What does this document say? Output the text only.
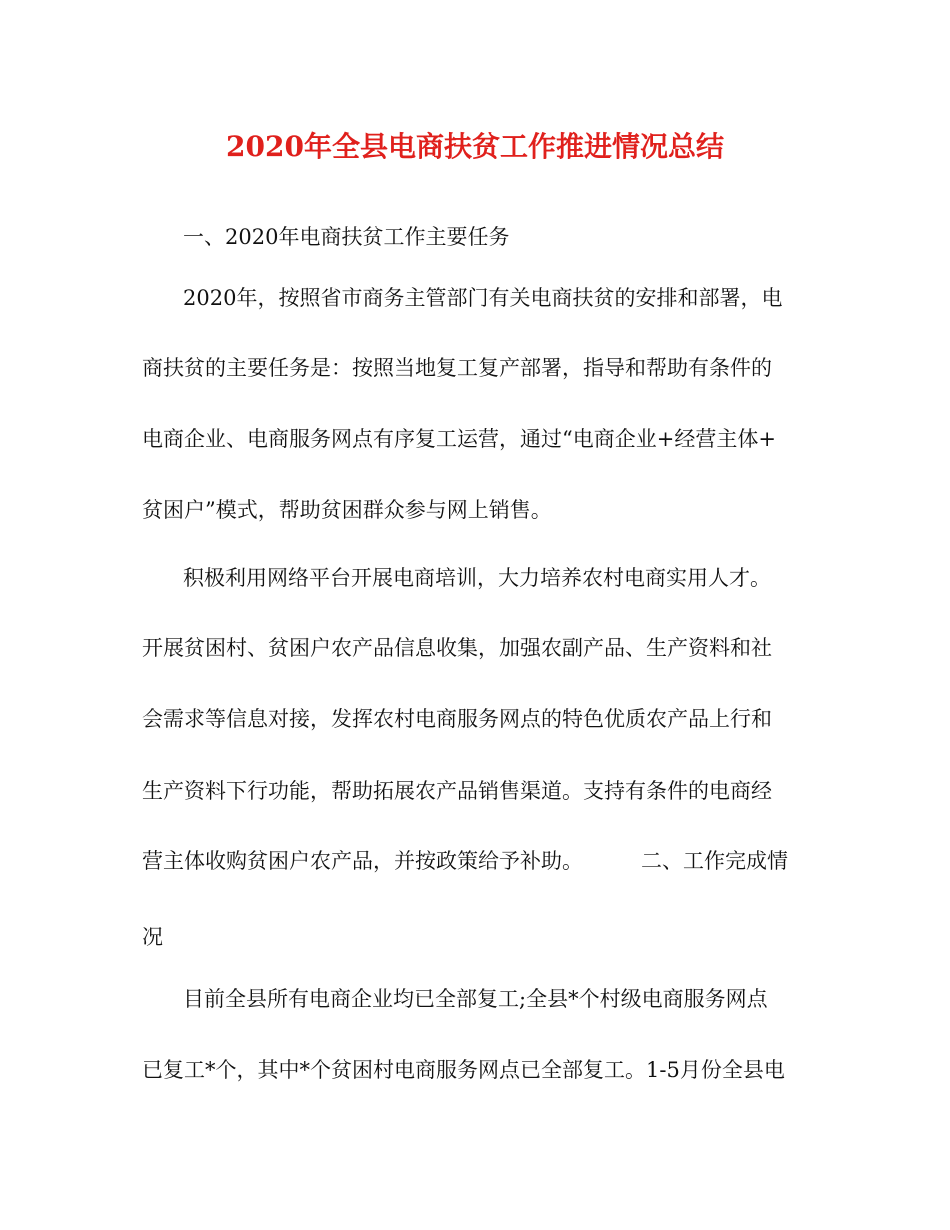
2020年全县电商扶贫工作推进情况总结
一、2020年电商扶贫工作主要任务
2020年，按照省市商务主管部门有关电商扶贫的安排和部署，电
商扶贫的主要任务是：按照当地复工复产部署，指导和帮助有条件的
电商企业、电商服务网点有序复工运营，通过“电商企业+经营主体+
贫困户”模式，帮助贫困群众参与网上销售。
积极利用网络平台开展电商培训，大力培养农村电商实用人才。
开展贫困村、贫困户农产品信息收集，加强农副产品、生产资料和社
会需求等信息对接，发挥农村电商服务网点的特色优质农产品上行和
生产资料下行功能，帮助拓展农产品销售渠道。支持有条件的电商经
营主体收购贫困户农产品，并按政策给予补助。	二、工作完成情
况
目前全县所有电商企业均已全部复工;全县*个村级电商服务网点
已复工*个，其中*个贫困村电商服务网点已全部复工。1-5月份全县电
